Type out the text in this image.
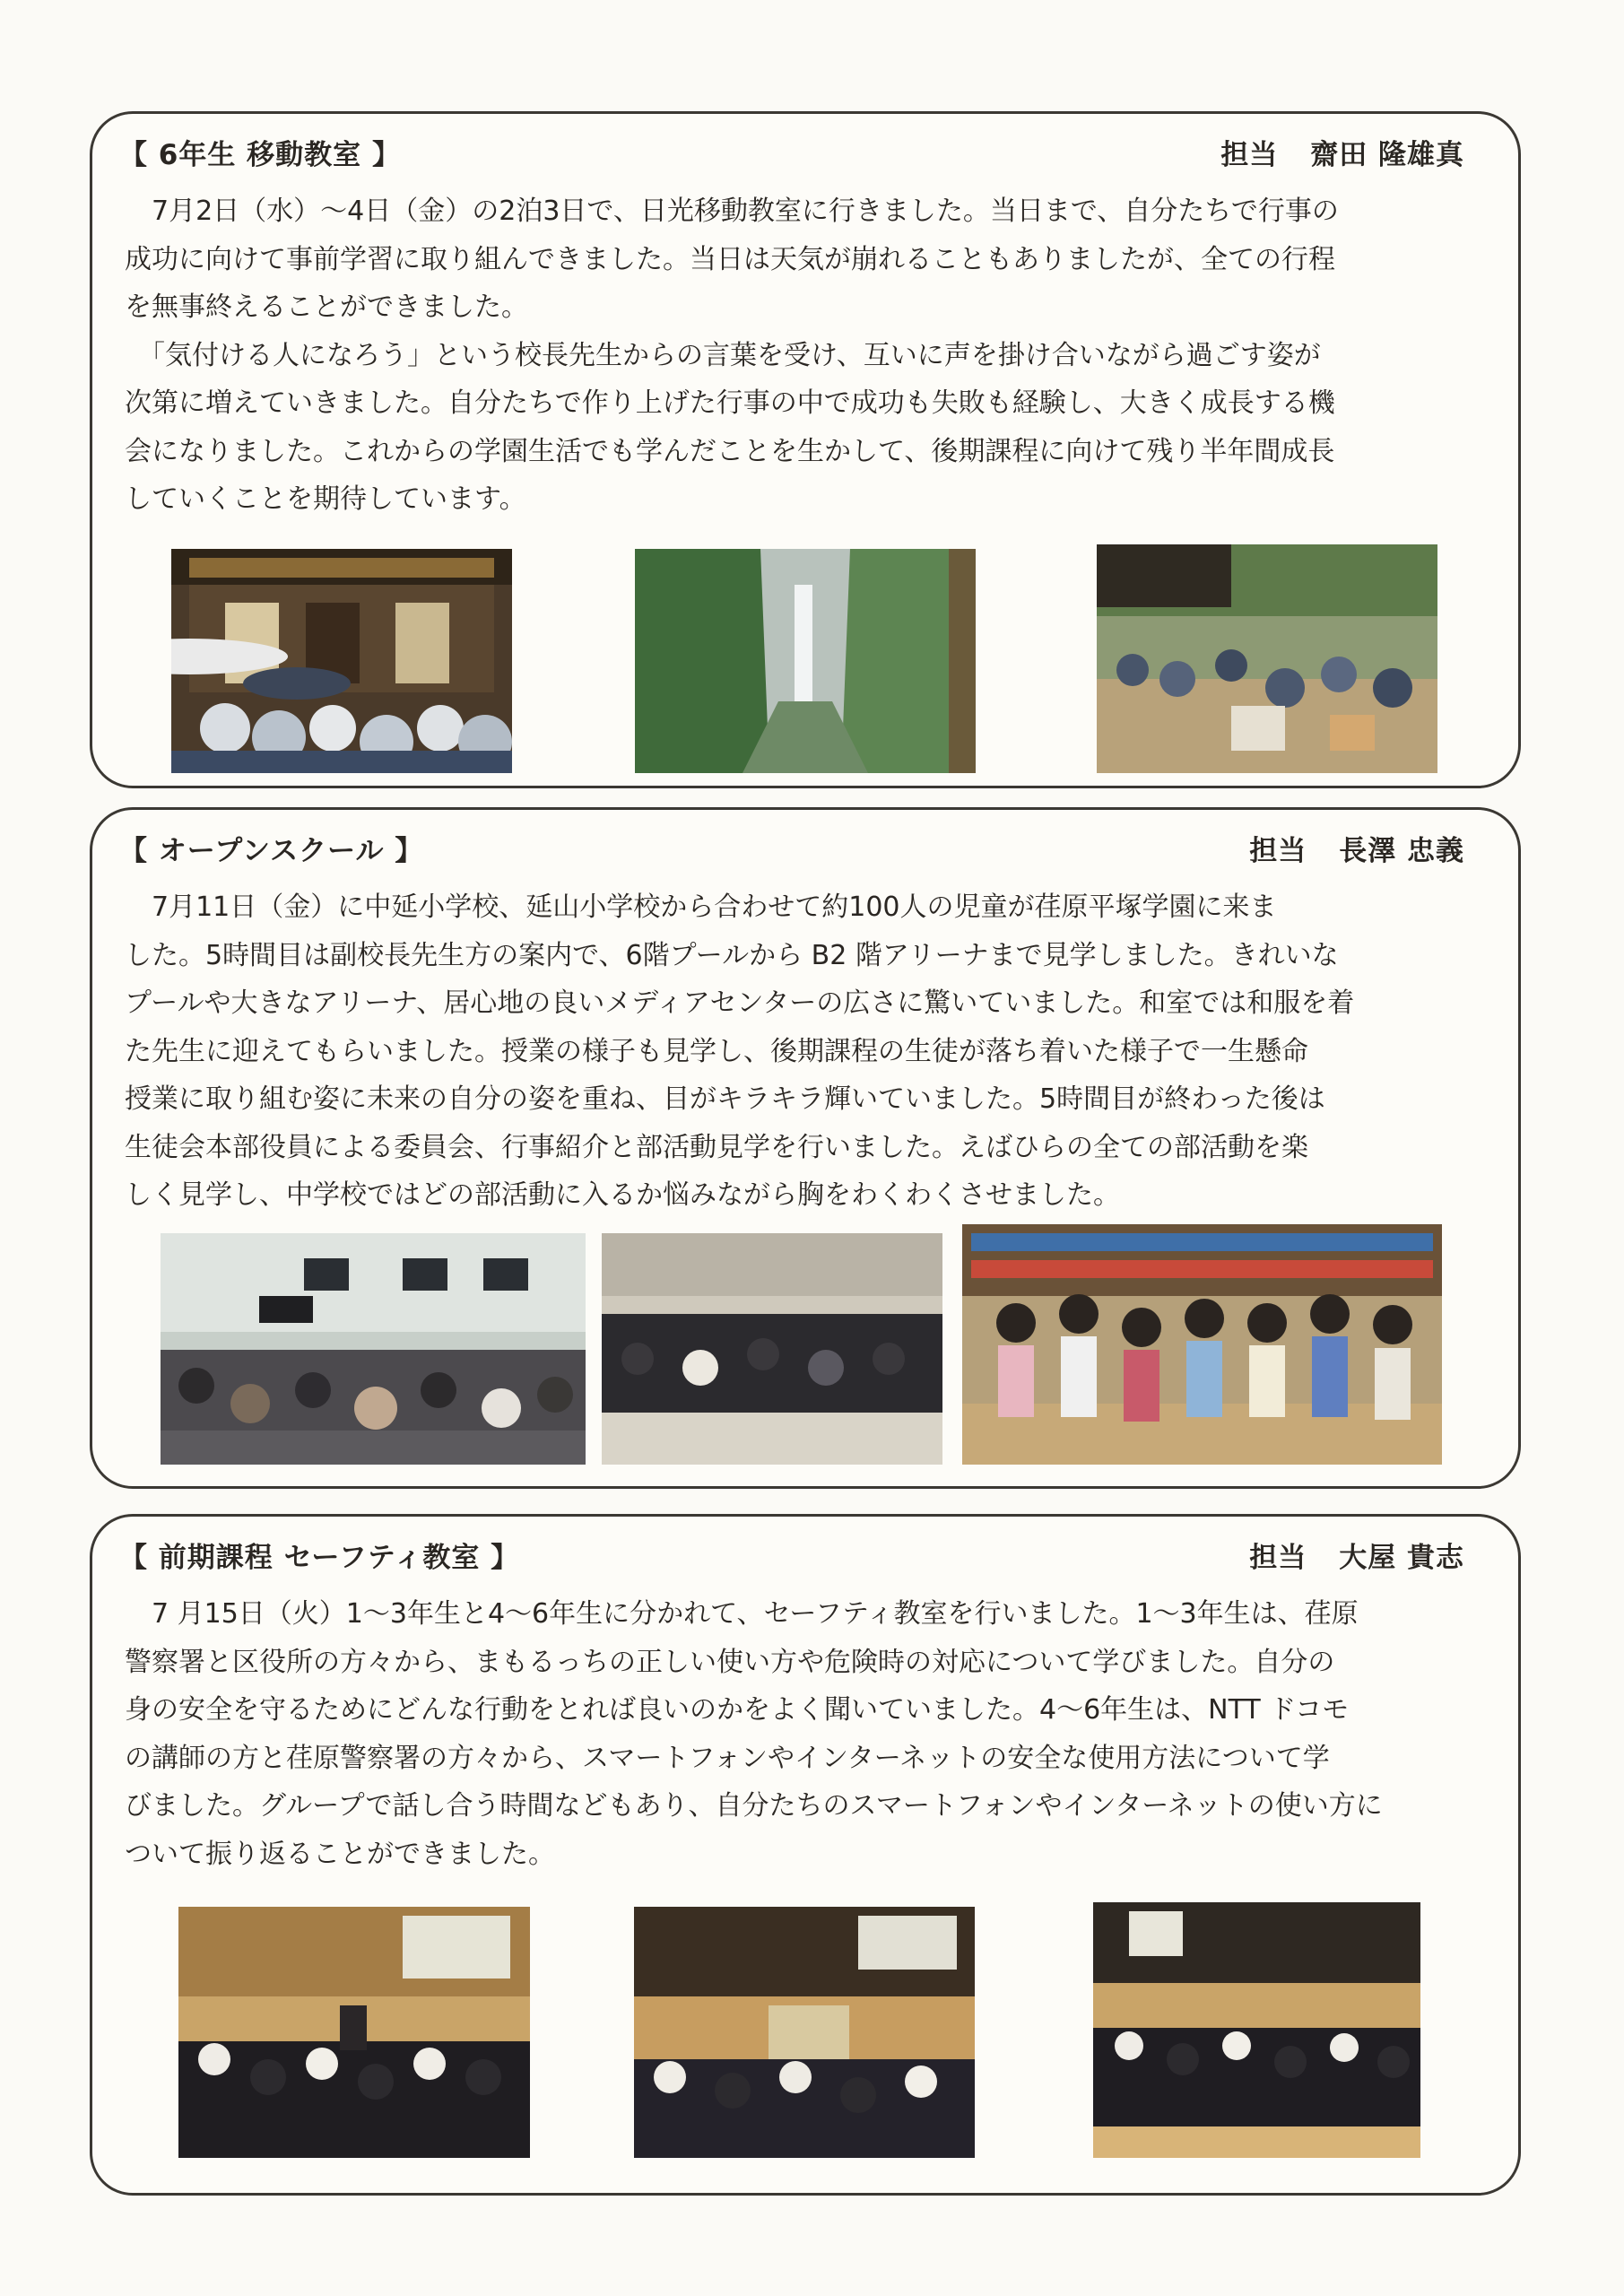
【 6年生 移動教室 】	担当 齋田 隆雄真
　7月2日（水）～4日（金）の2泊3日で、日光移動教室に行きました。当日まで、自分たちで行事の
成功に向けて事前学習に取り組んできました。当日は天気が崩れることもありましたが、全ての行程
を無事終えることができました。
　「気付ける人になろう」という校長先生からの言葉を受け、互いに声を掛け合いながら過ごす姿が
次第に増えていきました。自分たちで作り上げた行事の中で成功も失敗も経験し、大きく成長する機
会になりました。これからの学園生活でも学んだことを生かして、後期課程に向けて残り半年間成長
していくことを期待しています。
【 オープンスクール 】	担当 長澤 忠義
　7月11日（金）に中延小学校、延山小学校から合わせて約100人の児童が荏原平塚学園に来ま
した。5時間目は副校長先生方の案内で、6階プールから B2 階アリーナまで見学しました。きれいな
プールや大きなアリーナ、居心地の良いメディアセンターの広さに驚いていました。和室では和服を着
た先生に迎えてもらいました。授業の様子も見学し、後期課程の生徒が落ち着いた様子で一生懸命
授業に取り組む姿に未来の自分の姿を重ね、目がキラキラ輝いていました。5時間目が終わった後は
生徒会本部役員による委員会、行事紹介と部活動見学を行いました。えばひらの全ての部活動を楽
しく見学し、中学校ではどの部活動に入るか悩みながら胸をわくわくさせました。
【 前期課程 セーフティ教室 】	担当 大屋 貴志
　7 月15日（火）1～3年生と4～6年生に分かれて、セーフティ教室を行いました。1～3年生は、荏原
警察署と区役所の方々から、まもるっちの正しい使い方や危険時の対応について学びました。自分の
身の安全を守るためにどんな行動をとれば良いのかをよく聞いていました。4～6年生は、NTT ドコモ
の講師の方と荏原警察署の方々から、スマートフォンやインターネットの安全な使用方法について学
びました。グループで話し合う時間などもあり、自分たちのスマートフォンやインターネットの使い方に
ついて振り返ることができました。
